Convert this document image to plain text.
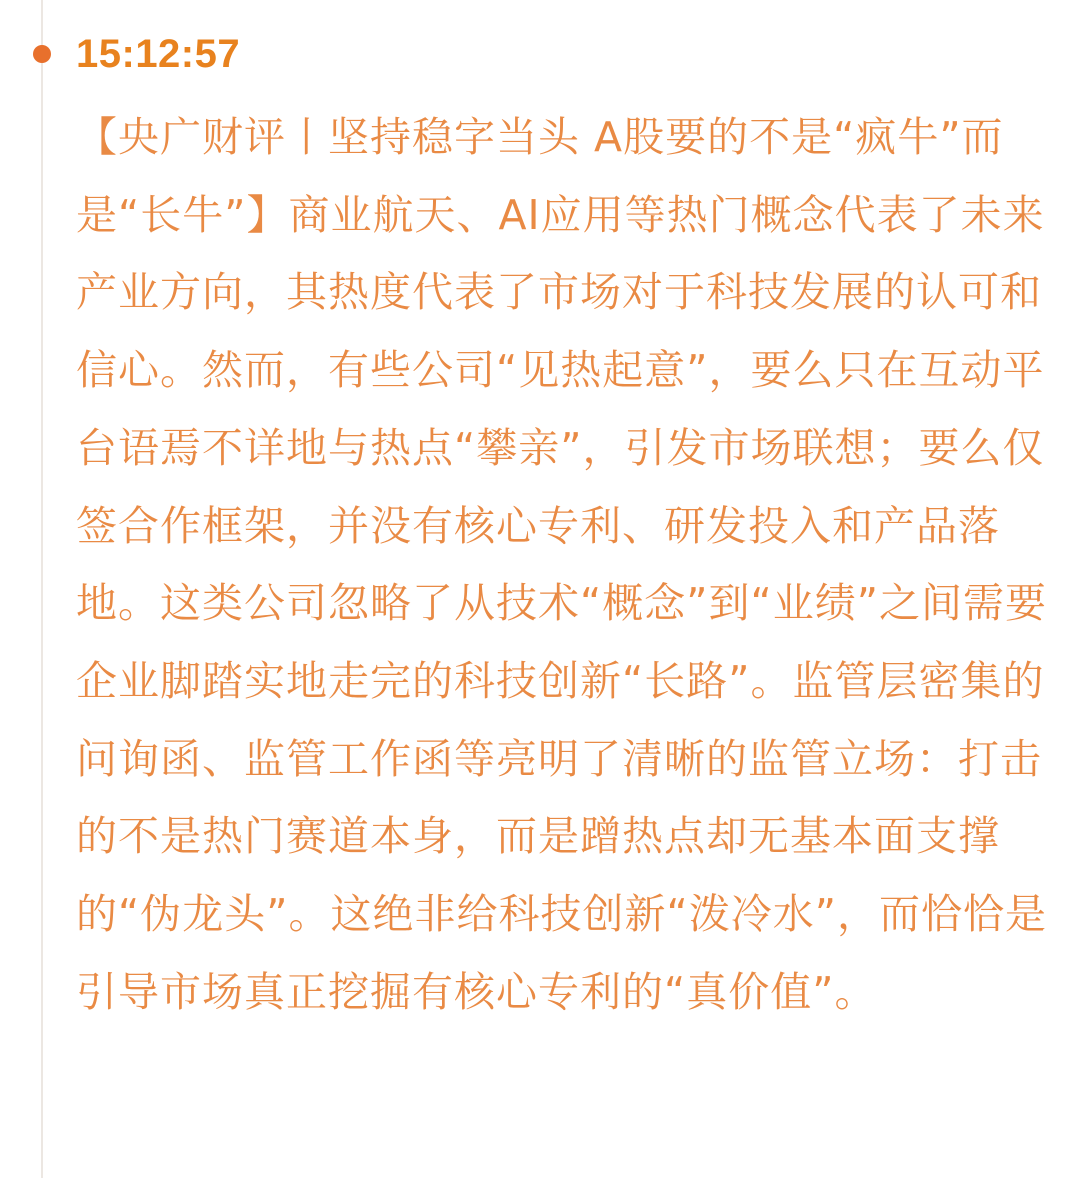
15:12:57

【央广财评丨坚持稳字当头 A股要的不是“疯牛”而是“长牛”】商业航天、AI应用等热门概念代表了未来产业方向，其热度代表了市场对于科技发展的认可和信心。然而，有些公司“见热起意”，要么只在互动平台语焉不详地与热点“攀亲”，引发市场联想；要么仅签合作框架，并没有核心专利、研发投入和产品落地。这类公司忽略了从技术“概念”到“业绩”之间需要企业脚踏实地走完的科技创新“长路”。监管层密集的问询函、监管工作函等亮明了清晰的监管立场：打击的不是热门赛道本身，而是蹭热点却无基本面支撑的“伪龙头”。这绝非给科技创新“泼冷水”，而恰恰是引导市场真正挖掘有核心专利的“真价值”。
